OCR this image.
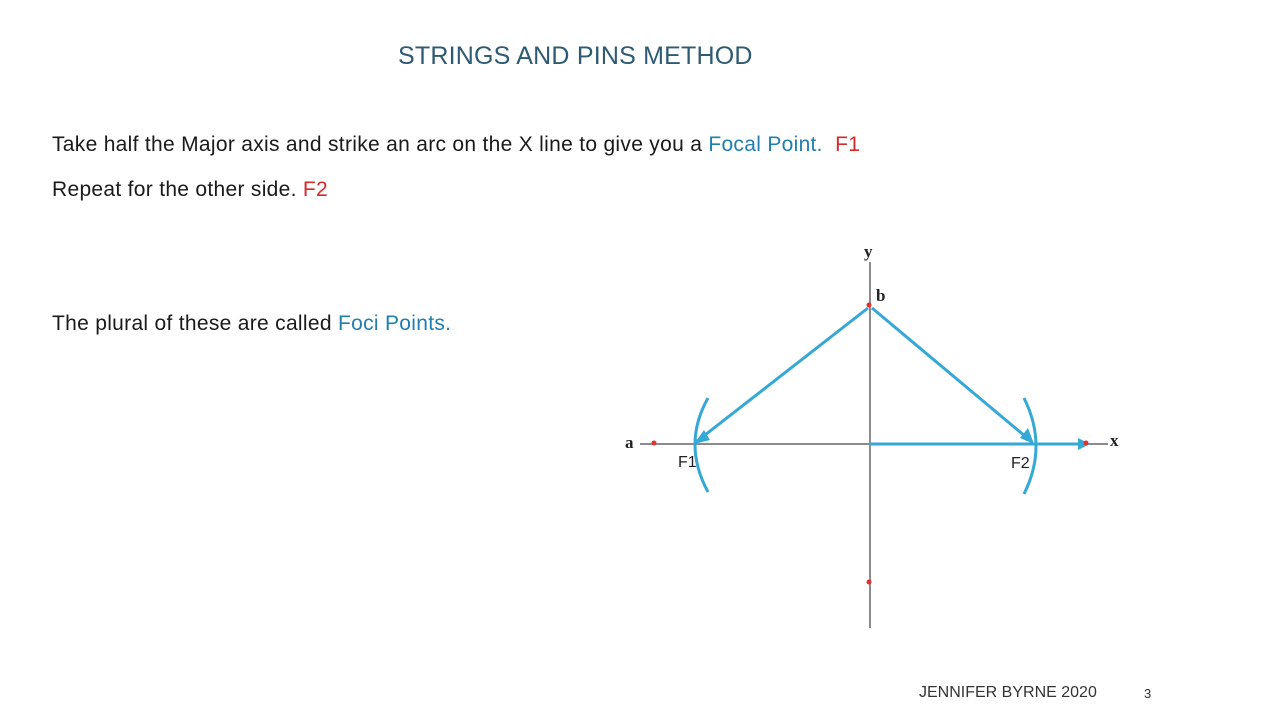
STRINGS AND PINS METHOD
Take half the Major axis and strike an arc on the X line to give you a Focal Point. F1
Repeat for the other side. F2
The plural of these are called Foci Points.
y
x
a
b
F1	F2
JENNIFER BYRNE 2020	3
